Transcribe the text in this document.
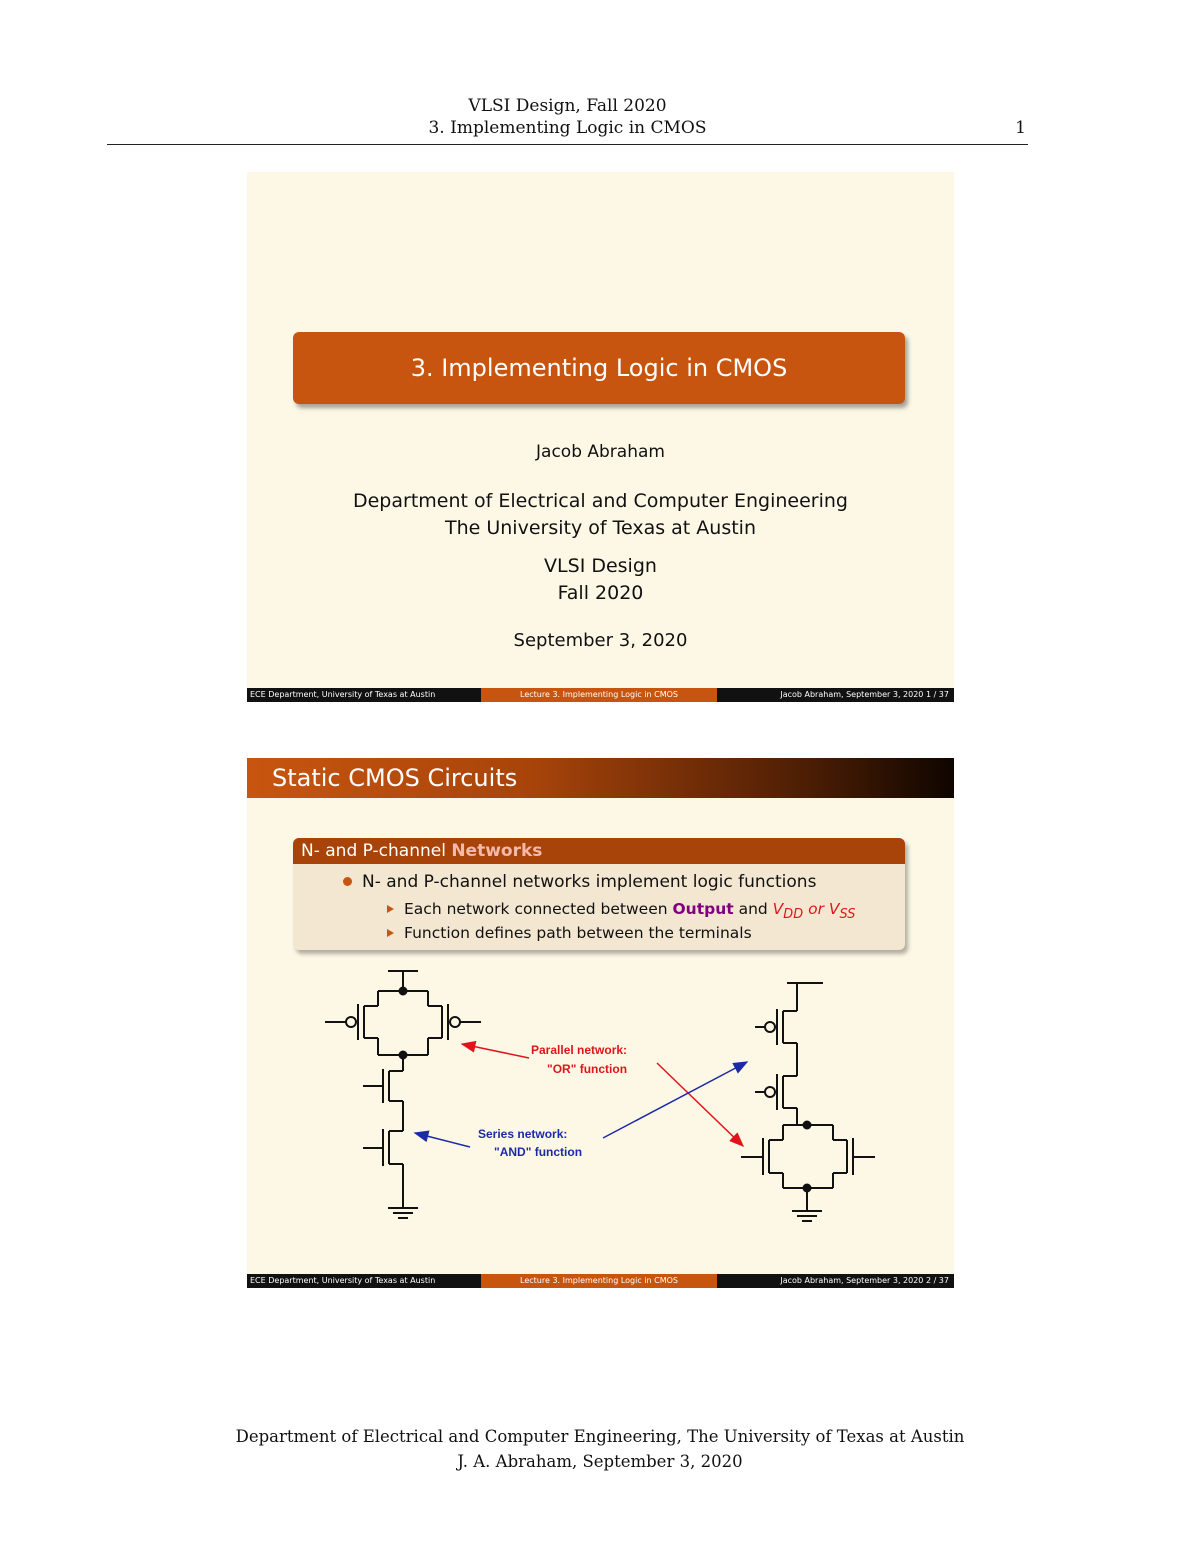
VLSI Design, Fall 2020
3. Implementing Logic in CMOS	1
3. Implementing Logic in CMOS
Jacob Abraham
Department of Electrical and Computer Engineering
The University of Texas at Austin
VLSI Design
Fall 2020
September 3, 2020
ECE Department, University of Texas at Austin	Lecture 3. Implementing Logic in CMOS	Jacob Abraham, September 3, 2020 1 / 37
Static CMOS Circuits
N- and P-channel Networks
N- and P-channel networks implement logic functions
Each network connected between Output and $V_{DD}$ or $V_{SS}$
Function defines path between the terminals
Parallel network:
"OR" function
Series network:
"AND" function
ECE Department, University of Texas at Austin	Lecture 3. Implementing Logic in CMOS	Jacob Abraham, September 3, 2020 2 / 37
Department of Electrical and Computer Engineering, The University of Texas at Austin
J. A. Abraham, September 3, 2020
